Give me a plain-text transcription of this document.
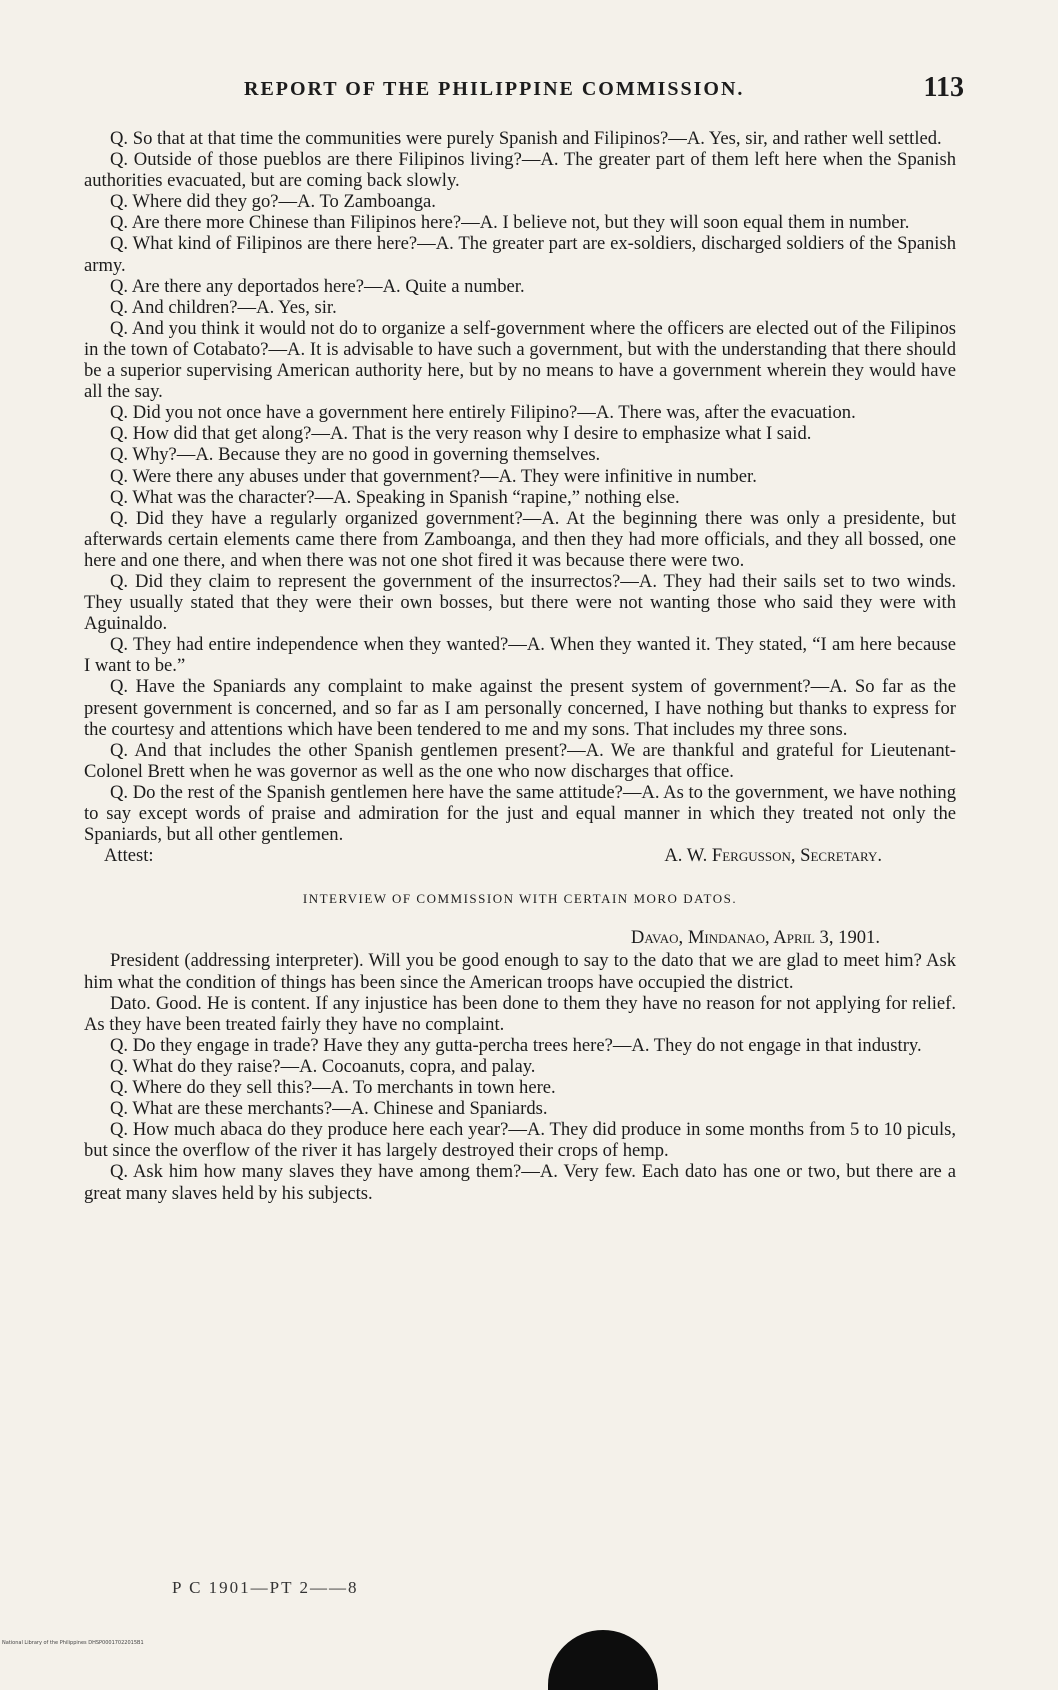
REPORT OF THE PHILIPPINE COMMISSION.	113

Q. So that at that time the communities were purely Spanish and Filipinos?—A. Yes, sir, and rather well settled.

Q. Outside of those pueblos are there Filipinos living?—A. The greater part of them left here when the Spanish authorities evacuated, but are coming back slowly.

Q. Where did they go?—A. To Zamboanga.

Q. Are there more Chinese than Filipinos here?—A. I believe not, but they will soon equal them in number.

Q. What kind of Filipinos are there here?—A. The greater part are ex-soldiers, discharged soldiers of the Spanish army.

Q. Are there any deportados here?—A. Quite a number.

Q. And children?—A. Yes, sir.

Q. And you think it would not do to organize a self-government where the officers are elected out of the Filipinos in the town of Cotabato?—A. It is advisable to have such a government, but with the understanding that there should be a superior supervising American authority here, but by no means to have a government wherein they would have all the say.

Q. Did you not once have a government here entirely Filipino?—A. There was, after the evacuation.

Q. How did that get along?—A. That is the very reason why I desire to emphasize what I said.

Q. Why?—A. Because they are no good in governing themselves.

Q. Were there any abuses under that government?—A. They were infinitive in number.

Q. What was the character?—A. Speaking in Spanish “rapine,” nothing else.

Q. Did they have a regularly organized government?—A. At the beginning there was only a presidente, but afterwards certain elements came there from Zamboanga, and then they had more officials, and they all bossed, one here and one there, and when there was not one shot fired it was because there were two.

Q. Did they claim to represent the government of the insurrectos?—A. They had their sails set to two winds. They usually stated that they were their own bosses, but there were not wanting those who said they were with Aguinaldo.

Q. They had entire independence when they wanted?—A. When they wanted it. They stated, “I am here because I want to be.”

Q. Have the Spaniards any complaint to make against the present system of government?—A. So far as the present government is concerned, and so far as I am personally concerned, I have nothing but thanks to express for the courtesy and attentions which have been tendered to me and my sons. That includes my three sons.

Q. And that includes the other Spanish gentlemen present?—A. We are thankful and grateful for Lieutenant-Colonel Brett when he was governor as well as the one who now discharges that office.

Q. Do the rest of the Spanish gentlemen here have the same attitude?—A. As to the government, we have nothing to say except words of praise and admiration for the just and equal manner in which they treated not only the Spaniards, but all other gentlemen.

Attest:	A. W. Fergusson, Secretary.
INTERVIEW OF COMMISSION WITH CERTAIN MORO DATOS.
Davao, Mindanao, April 3, 1901.

President (addressing interpreter). Will you be good enough to say to the dato that we are glad to meet him? Ask him what the condition of things has been since the American troops have occupied the district.

Dato. Good. He is content. If any injustice has been done to them they have no reason for not applying for relief. As they have been treated fairly they have no complaint.

Q. Do they engage in trade? Have they any gutta-percha trees here?—A. They do not engage in that industry.

Q. What do they raise?—A. Cocoanuts, copra, and palay.

Q. Where do they sell this?—A. To merchants in town here.

Q. What are these merchants?—A. Chinese and Spaniards.

Q. How much abaca do they produce here each year?—A. They did produce in some months from 5 to 10 piculs, but since the overflow of the river it has largely destroyed their crops of hemp.

Q. Ask him how many slaves they have among them?—A. Very few. Each dato has one or two, but there are a great many slaves held by his subjects.

P C 1901—PT 2——8
National Library of the Philippines DHSP00017022015B1
